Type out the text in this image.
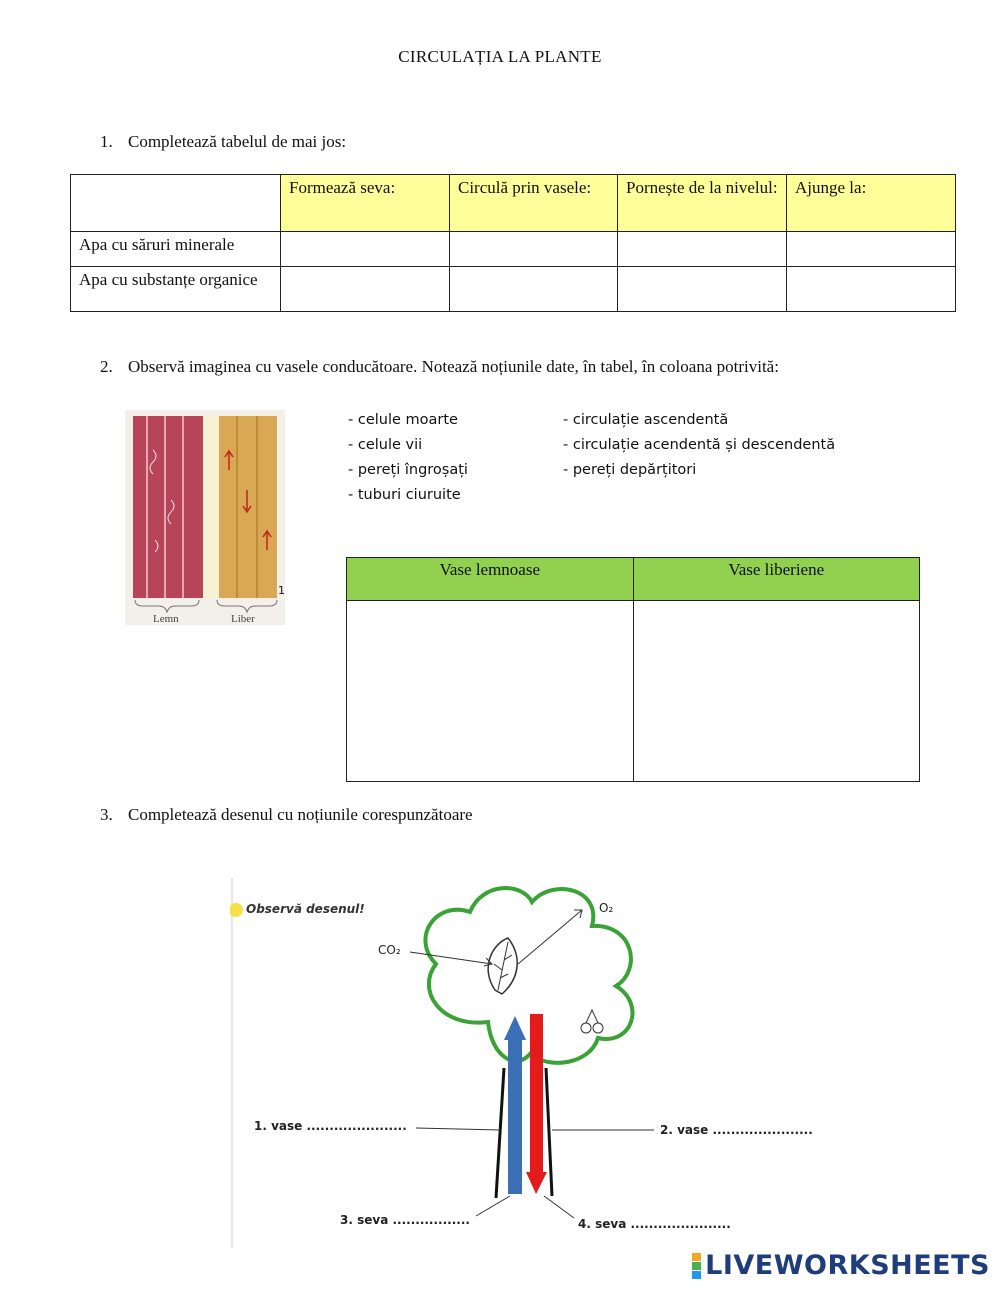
CIRCULAȚIA LA PLANTE
1. Completează tabelul de mai jos:
	Formează seva:	Circulă prin vasele:	Pornește de la nivelul:	Ajunge la:
Apa cu săruri minerale				
Apa cu substanțe organice				
2. Observă imaginea cu vasele conducătoare. Notează noțiunile date, în tabel, în coloana potrivită:
Lemn	Liber
1
- celule moarte
- celule vii
- pereți îngroșați
- tuburi ciuruite
- circulație ascendentă
- circulație acendentă și descendentă
- pereți depărțitori
Vase lemnoase	Vase liberiene

3. Completează desenul cu noțiunile corespunzătoare
Observă desenul!
CO₂
O₂
1. vase ......................	2. vase ......................
3. seva .................	4. seva ......................
LIVEWORKSHEETS
